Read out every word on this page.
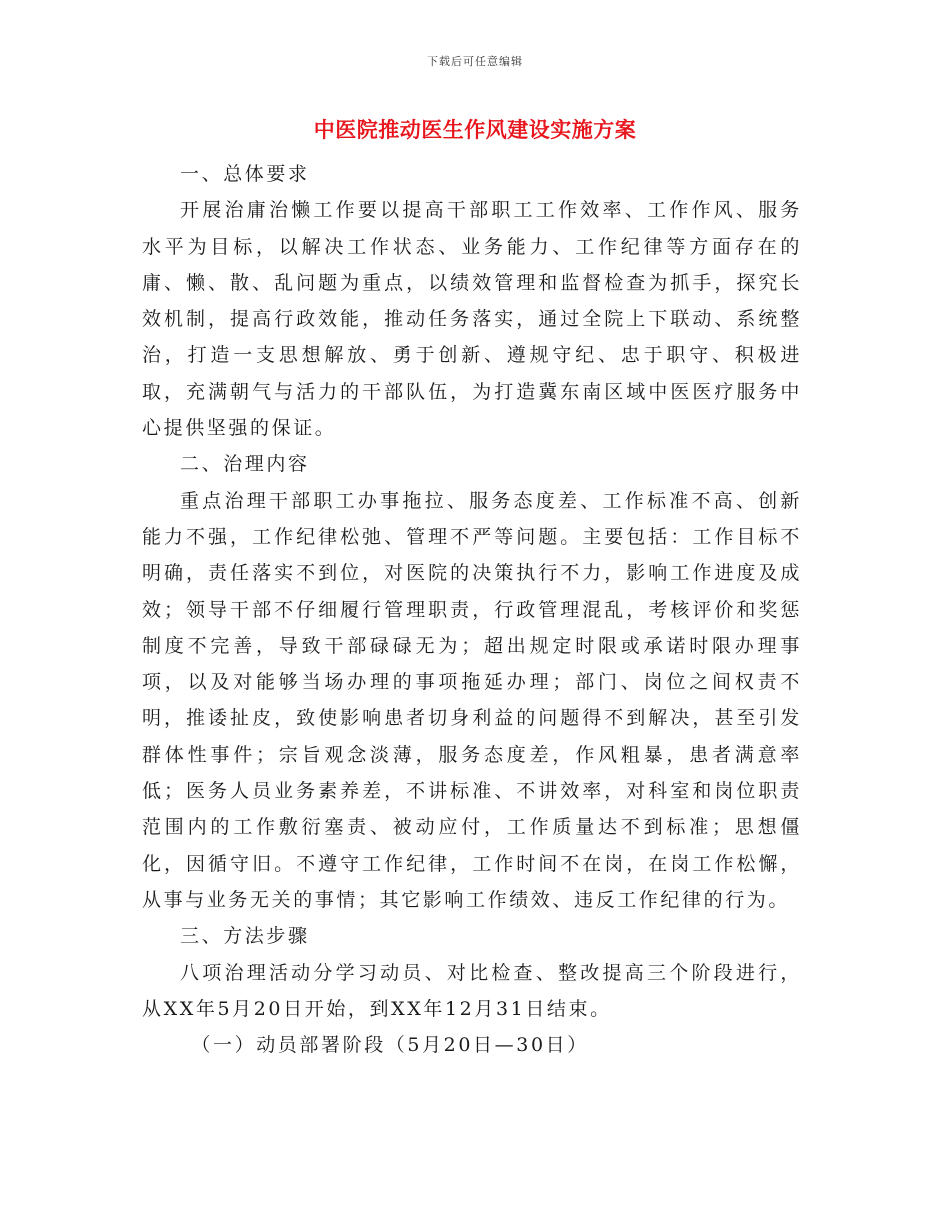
下载后可任意编辑
中医院推动医生作风建设实施方案

一、总体要求

开展治庸治懒工作要以提高干部职工工作效率、工作作风、服务水平为目标，以解决工作状态、业务能力、工作纪律等方面存在的庸、懒、散、乱问题为重点，以绩效管理和监督检查为抓手，探究长效机制，提高行政效能，推动任务落实，通过全院上下联动、系统整治，打造一支思想解放、勇于创新、遵规守纪、忠于职守、积极进取，充满朝气与活力的干部队伍，为打造冀东南区域中医医疗服务中心提供坚强的保证。

二、治理内容

重点治理干部职工办事拖拉、服务态度差、工作标准不高、创新能力不强，工作纪律松弛、管理不严等问题。主要包括：工作目标不明确，责任落实不到位，对医院的决策执行不力，影响工作进度及成效；领导干部不仔细履行管理职责，行政管理混乱，考核评价和奖惩制度不完善，导致干部碌碌无为；超出规定时限或承诺时限办理事项，以及对能够当场办理的事项拖延办理；部门、岗位之间权责不明，推诿扯皮，致使影响患者切身利益的问题得不到解决，甚至引发群体性事件；宗旨观念淡薄，服务态度差，作风粗暴，患者满意率低；医务人员业务素养差，不讲标准、不讲效率，对科室和岗位职责范围内的工作敷衍塞责、被动应付，工作质量达不到标准；思想僵化，因循守旧。不遵守工作纪律，工作时间不在岗，在岗工作松懈，从事与业务无关的事情；其它影响工作绩效、违反工作纪律的行为。

三、方法步骤

八项治理活动分学习动员、对比检查、整改提高三个阶段进行，从XX年5月20日开始，到XX年12月31日结束。

（一）动员部署阶段（5月20日—30日）
